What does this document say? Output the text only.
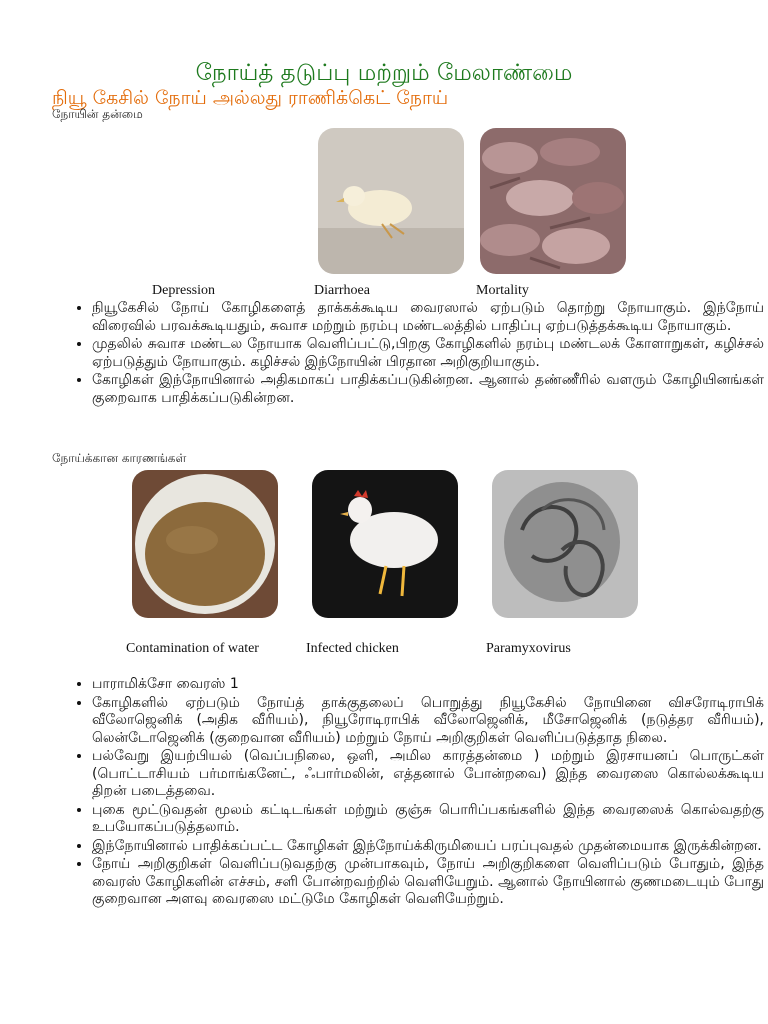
நோய்த் தடுப்பு மற்றும் மேலாண்மை
நியூ கேசில் நோய் அல்லது ராணிக்கெட் நோய்
நோயின் தன்மை
Depression	Diarrhoea	Mortality
• நியூகேசில் நோய் கோழிகளைத் தாக்கக்கூடிய வைரஸால் ஏற்படும் தொற்று நோயாகும். இந்நோய் விரைவில் பரவக்கூடியதும், சுவாச மற்றும் நரம்பு மண்டலத்தில் பாதிப்பு ஏற்படுத்தக்கூடிய நோயாகும்.
• முதலில் சுவாச மண்டல நோயாக வெளிப்பட்டு,பிறகு கோழிகளில் நரம்பு மண்டலக் கோளாறுகள், கழிச்சல் ஏற்படுத்தும் நோயாகும். கழிச்சல் இந்நோயின் பிரதான அறிகுறியாகும்.
• கோழிகள் இந்நோயினால் அதிகமாகப் பாதிக்கப்படுகின்றன. ஆனால் தண்ணீரில் வளரும் கோழியினங்கள் குறைவாக பாதிக்கப்படுகின்றன.
நோய்க்கான காரணங்கள்
Contamination of water	Infected chicken	Paramyxovirus
• பாராமிக்சோ வைரஸ் 1
• கோழிகளில் ஏற்படும் நோய்த் தாக்குதலைப் பொறுத்து நியூகேசில் நோயினை விசரோடிராபிக் வீலோஜெனிக் (அதிக வீரியம்), நியூரோடிராபிக் வீலோஜெனிக், மீசோஜெனிக் (நடுத்தர வீரியம்), லென்டோஜெனிக் (குறைவான வீரியம்) மற்றும் நோய் அறிகுறிகள் வெளிப்படுத்தாத நிலை.
• பல்வேறு இயற்பியல் (வெப்பநிலை, ஒளி, அமில காரத்தன்மை ) மற்றும் இரசாயனப் பொருட்கள் (பொட்டாசியம் பர்மாங்கனேட், ஃபார்மலின், எத்தனால் போன்றவை) இந்த வைரஸை கொல்லக்கூடிய திறன் படைத்தவை.
• புகை மூட்டுவதன் மூலம் கட்டிடங்கள் மற்றும் குஞ்சு பொரிப்பகங்களில் இந்த வைரஸைக் கொல்வதற்கு உபயோகப்படுத்தலாம்.
• இந்நோயினால் பாதிக்கப்பட்ட கோழிகள் இந்நோய்க்கிருமியைப் பரப்புவதல் முதன்மையாக இருக்கின்றன.
• நோய் அறிகுறிகள் வெளிப்படுவதற்கு முன்பாகவும், நோய் அறிகுறிகளை வெளிப்படும் போதும், இந்த வைரஸ் கோழிகளின் எச்சம், சளி போன்றவற்றில் வெளியேறும். ஆனால் நோயினால் குணமடையும் போது குறைவான அளவு வைரஸை மட்டுமே கோழிகள் வெளியேற்றும்.
